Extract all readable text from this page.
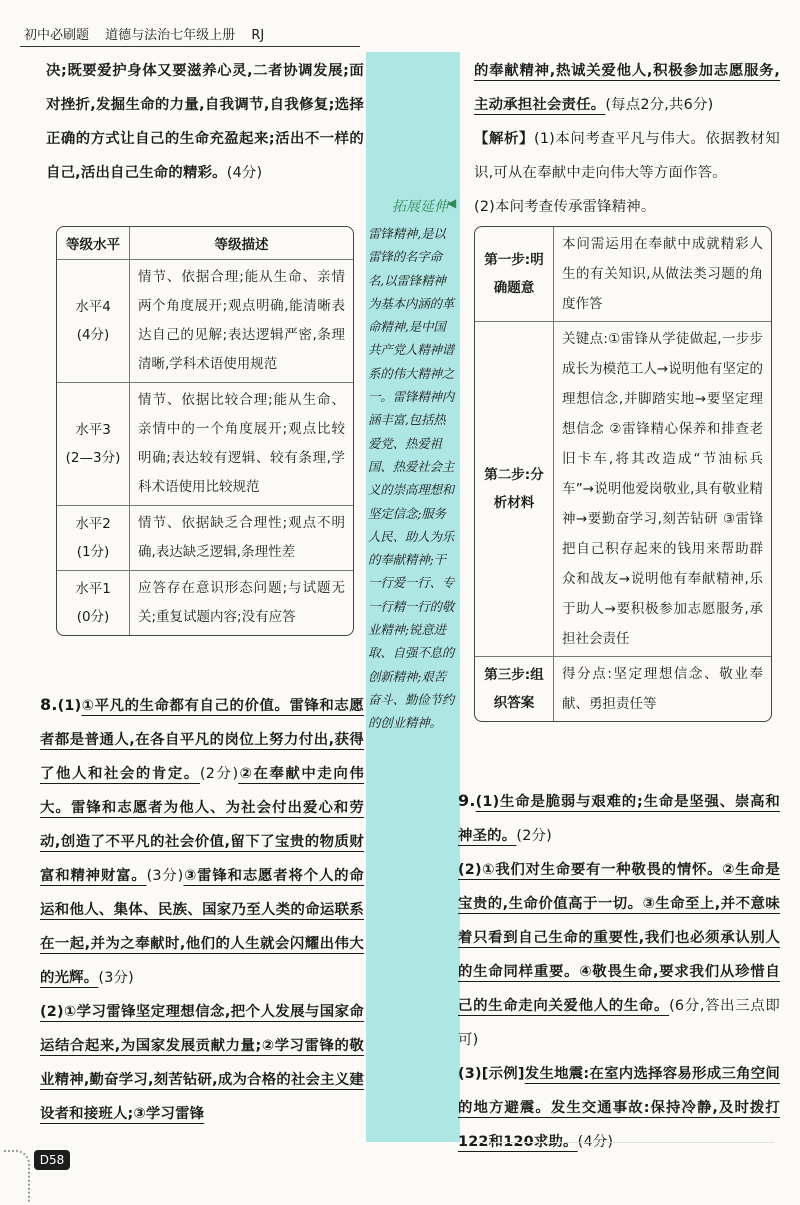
初中必刷题 道德与法治七年级上册 RJ

决;既要爱护身体又要滋养心灵,二者协调发展;面对挫折,发掘生命的力量,自我调节,自我修复;选择正确的方式让自己的生命充盈起来;活出不一样的自己,活出自己生命的精彩。(4分)

等级水平	等级描述

水平4
(4分)	情节、依据合理;能从生命、亲情两个角度展开;观点明确,能清晰表达自己的见解;表达逻辑严密,条理清晰,学科术语使用规范

水平3
(2—3分)	情节、依据比较合理;能从生命、亲情中的一个角度展开;观点比较明确;表达较有逻辑、较有条理,学科术语使用比较规范

水平2
(1分)	情节、依据缺乏合理性;观点不明确,表达缺乏逻辑,条理性差

水平1
(0分)	应答存在意识形态问题;与试题无关;重复试题内容;没有应答

8.(1)①平凡的生命都有自己的价值。雷锋和志愿者都是普通人,在各自平凡的岗位上努力付出,获得了他人和社会的肯定。(2分)②在奉献中走向伟大。雷锋和志愿者为他人、为社会付出爱心和劳动,创造了不平凡的社会价值,留下了宝贵的物质财富和精神财富。(3分)③雷锋和志愿者将个人的命运和他人、集体、民族、国家乃至人类的命运联系在一起,并为之奉献时,他们的人生就会闪耀出伟大的光辉。(3分)
(2)①学习雷锋坚定理想信念,把个人发展与国家命运结合起来,为国家发展贡献力量;②学习雷锋的敬业精神,勤奋学习,刻苦钻研,成为合格的社会主义建设者和接班人;③学习雷锋

拓展延伸 ◀
雷锋精神,是以雷锋的名字命名,以雷锋精神为基本内涵的革命精神,是中国共产党人精神谱系的伟大精神之一。雷锋精神内涵丰富,包括热爱党、热爱祖国、热爱社会主义的崇高理想和坚定信念;服务人民、助人为乐的奉献精神;干一行爱一行、专一行精一行的敬业精神;锐意进取、自强不息的创新精神;艰苦奋斗、勤俭节约的创业精神。

的奉献精神,热诚关爱他人,积极参加志愿服务,主动承担社会责任。(每点2分,共6分)

【解析】(1)本问考查平凡与伟大。依据教材知识,可从在奉献中走向伟大等方面作答。

(2)本问考查传承雷锋精神。

第一步:明确题意	本问需运用在奉献中成就精彩人生的有关知识,从做法类习题的角度作答
第二步:分析材料	关键点:①雷锋从学徒做起,一步步成长为模范工人→说明他有坚定的理想信念,并脚踏实地→要坚定理想信念 ②雷锋精心保养和排查老旧卡车,将其改造成“节油标兵车”→说明他爱岗敬业,具有敬业精神→要勤奋学习,刻苦钻研 ③雷锋把自己积存起来的钱用来帮助群众和战友→说明他有奉献精神,乐于助人→要积极参加志愿服务,承担社会责任
第三步:组织答案	得分点:坚定理想信念、敬业奉献、勇担责任等

9.(1)生命是脆弱与艰难的;生命是坚强、崇高和神圣的。(2分)

(2)①我们对生命要有一种敬畏的情怀。②生命是宝贵的,生命价值高于一切。③生命至上,并不意味着只看到自己生命的重要性,我们也必须承认别人的生命同样重要。④敬畏生命,要求我们从珍惜自己的生命走向关爱他人的生命。(6分,答出三点即可)

(3)[示例]发生地震:在室内选择容易形成三角空间的地方避震。发生交通事故:保持冷静,及时拨打122和120求助。(4分)

D58
